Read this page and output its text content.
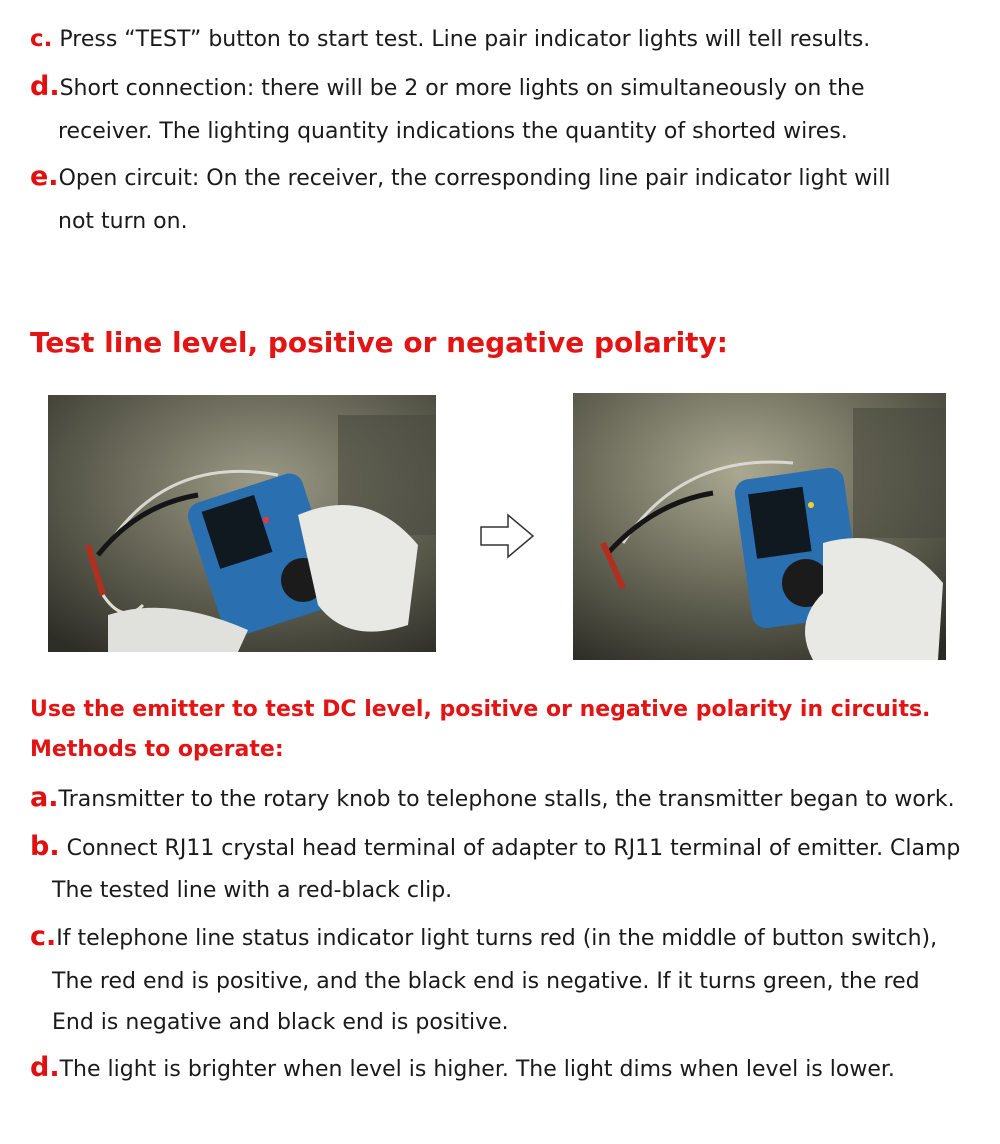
c. Press “TEST” button to start test. Line pair indicator lights will tell results.
d.Short connection: there will be 2 or more lights on simultaneously on the
receiver. The lighting quantity indications the quantity of shorted wires.
e.Open circuit: On the receiver, the corresponding line pair indicator light will
not turn on.
Test line level, positive or negative polarity:
Use the emitter to test DC level, positive or negative polarity in circuits.
Methods to operate:
a.Transmitter to the rotary knob to telephone stalls, the transmitter began to work.
b. Connect RJ11 crystal head terminal of adapter to RJ11 terminal of emitter. Clamp
The tested line with a red-black clip.
c.If telephone line status indicator light turns red (in the middle of button switch),
The red end is positive, and the black end is negative. If it turns green, the red
End is negative and black end is positive.
d.The light is brighter when level is higher. The light dims when level is lower.
